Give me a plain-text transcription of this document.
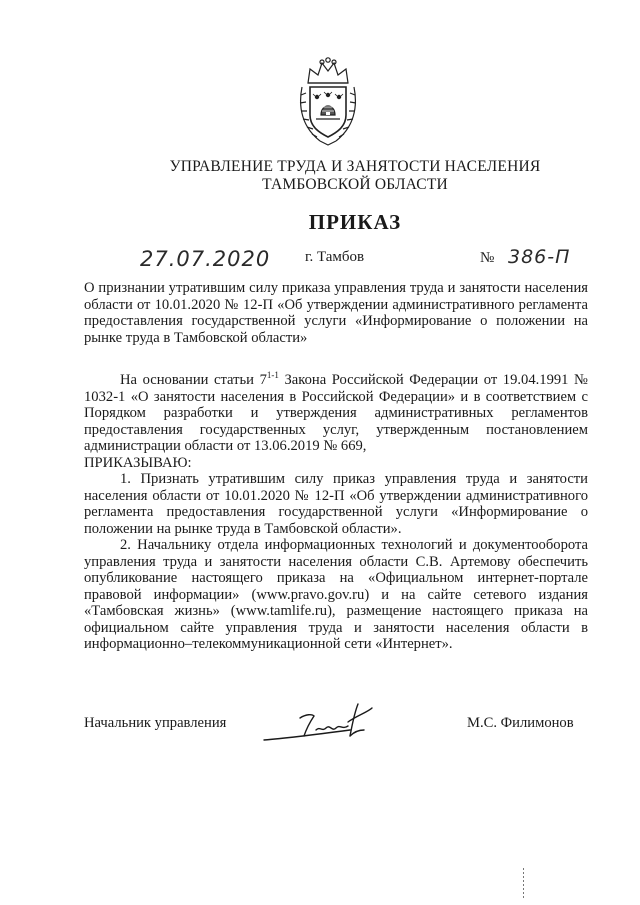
УПРАВЛЕНИЕ ТРУДА И ЗАНЯТОСТИ НАСЕЛЕНИЯ
ТАМБОВСКОЙ ОБЛАСТИ
ПРИКАЗ
27.07.2020 г. Тамбов	№ 386-П
О признании утратившим силу приказа управления труда и занятости населения области от 10.01.2020 № 12-П «Об утверждении административного регламента предоставления государственной услуги «Информирование о положении на рынке труда в Тамбовской области»

На основании статьи 7$^{1-1}$ Закона Российской Федерации от 19.04.1991 № 1032-1 «О занятости населения в Российской Федерации» и в соответствием с Порядком разработки и утверждения административных регламентов предоставления государственных услуг, утвержденным постановлением администрации области от 13.06.2019 № 669,

ПРИКАЗЫВАЮ:

1. Признать утратившим силу приказ управления труда и занятости населения области от 10.01.2020 № 12-П «Об утверждении административного регламента предоставления государственной услуги «Информирование о положении на рынке труда в Тамбовской области».

2. Начальнику отдела информационных технологий и документооборота управления труда и занятости населения области С.В. Артемову обеспечить опубликование настоящего приказа на «Официальном интернет-портале правовой информации» (www.pravo.gov.ru) и на сайте сетевого издания «Тамбовская жизнь» (www.tamlife.ru), размещение настоящего приказа на официальном сайте управления труда и занятости населения области в информационно–телекоммуникационной сети «Интернет».

Начальник управления	М.С. Филимонов
